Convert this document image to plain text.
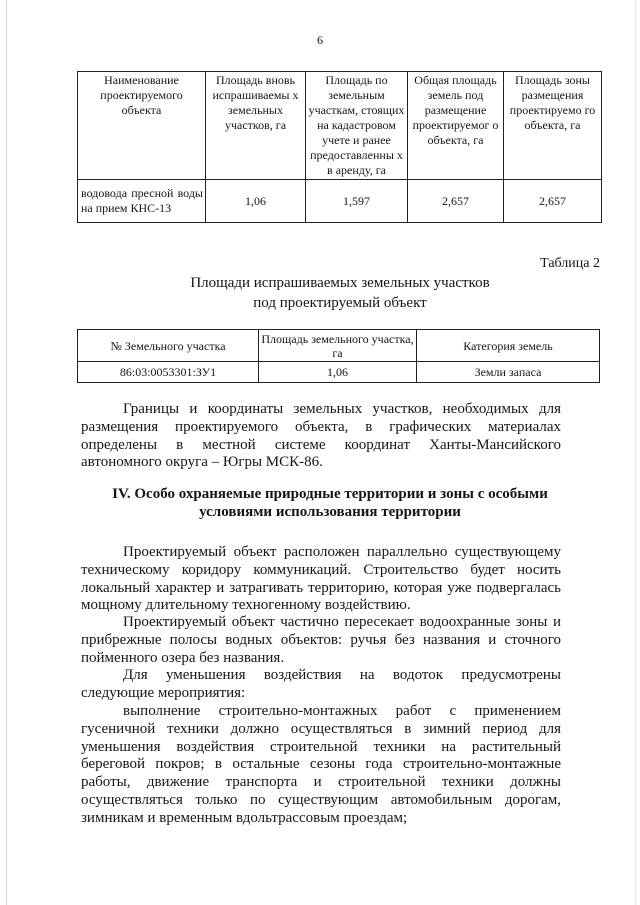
6
Наименование проектируемого объекта	Площадь вновь испрашиваемы х земельных участков, га	Площадь по земельным участкам, стоящих на кадастровом учете и ранее предоставленны х в аренду, га	Общая площадь земель под размещение проектируемог о объекта, га	Площадь зоны размещения проектируемо го объекта, га
водовода пресной воды на прием КНС-13	1,06	1,597	2,657	2,657
Таблица 2
Площади испрашиваемых земельных участков
под проектируемый объект
№ Земельного участка	Площадь земельного участка, га	Категория земель
86:03:0053301:ЗУ1	1,06	Земли запаса
Границы и координаты земельных участков, необходимых для размещения проектируемого объекта, в графических материалах определены в местной системе координат Ханты-Мансийского автономного округа – Югры МСК-86.
IV. Особо охраняемые природные территории и зоны с особыми
условиями использования территории
Проектируемый объект расположен параллельно существующему техническому коридору коммуникаций. Строительство будет носить локальный характер и затрагивать территорию, которая уже подвергалась мощному длительному техногенному воздействию.
Проектируемый объект частично пересекает водоохранные зоны и прибрежные полосы водных объектов: ручья без названия и сточного пойменного озера без названия.
Для уменьшения воздействия на водоток предусмотрены следующие мероприятия:
выполнение строительно-монтажных работ с применением гусеничной техники должно осуществляться в зимний период для уменьшения воздействия строительной техники на растительный береговой покров; в остальные сезоны года строительно-монтажные работы, движение транспорта и строительной техники должны осуществляться только по существующим автомобильным дорогам, зимникам и временным вдольтрассовым проездам;
